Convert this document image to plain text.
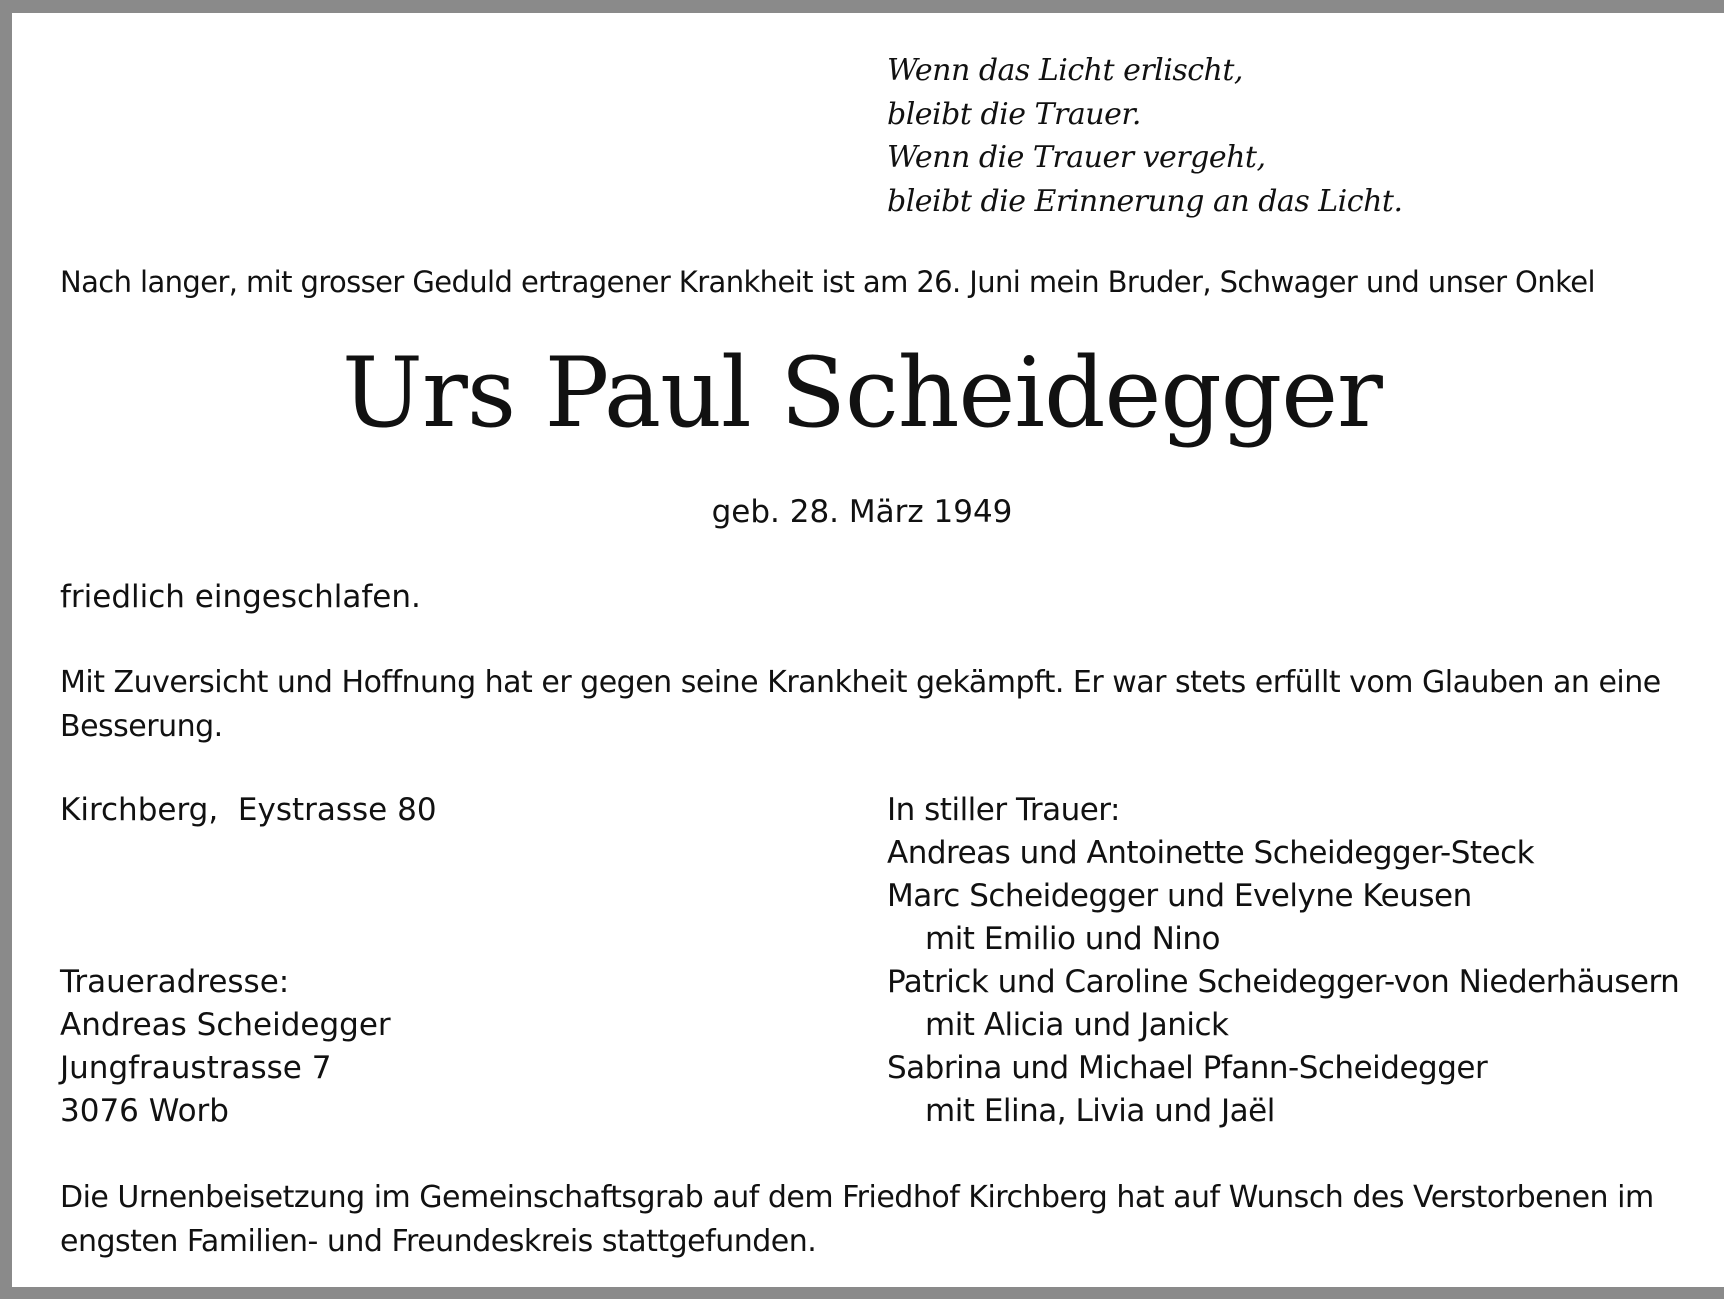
Wenn das Licht erlischt,
bleibt die Trauer.
Wenn die Trauer vergeht,
bleibt die Erinnerung an das Licht.
Nach langer, mit grosser Geduld ertragener Krankheit ist am 26. Juni mein Bruder, Schwager und unser Onkel
Urs Paul Scheidegger
geb. 28. März 1949
friedlich eingeschlafen.
Mit Zuversicht und Hoffnung hat er gegen seine Krankheit gekämpft. Er war stets erfüllt vom Glauben an eine Besserung.
Kirchberg,  Eystrasse 80
Traueradresse:
Andreas Scheidegger
Jungfraustrasse 7
3076 Worb
In stiller Trauer:
Andreas und Antoinette Scheidegger-Steck
Marc Scheidegger und Evelyne Keusen
mit Emilio und Nino
Patrick und Caroline Scheidegger-von Niederhäusern
mit Alicia und Janick
Sabrina und Michael Pfann-Scheidegger
mit Elina, Livia und Jaël
Die Urnenbeisetzung im Gemeinschaftsgrab auf dem Friedhof Kirchberg hat auf Wunsch des Verstorbenen im engsten Familien- und Freundeskreis stattgefunden.
